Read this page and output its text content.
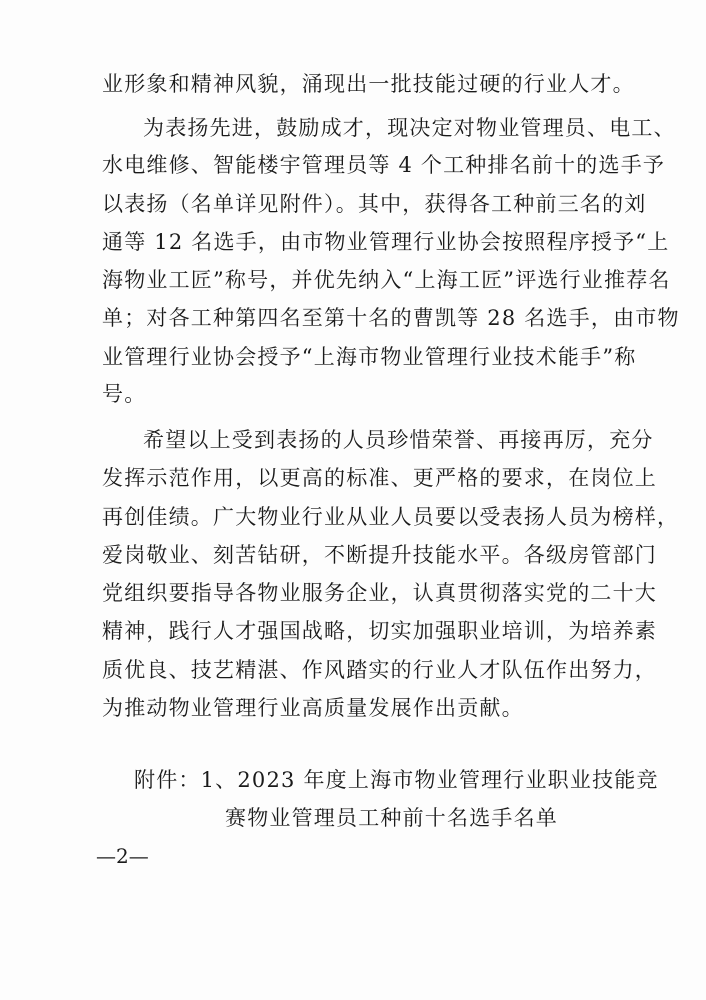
业形象和精神风貌，涌现出一批技能过硬的行业人才。
为表扬先进，鼓励成才，现决定对物业管理员、电工、
水电维修、智能楼宇管理员等 4 个工种排名前十的选手予
以表扬（名单详见附件）。其中，获得各工种前三名的刘
通等 12 名选手，由市物业管理行业协会按照程序授予“上
海物业工匠”称号，并优先纳入“上海工匠”评选行业推荐名
单；对各工种第四名至第十名的曹凯等 28 名选手，由市物
业管理行业协会授予“上海市物业管理行业技术能手”称
号。
希望以上受到表扬的人员珍惜荣誉、再接再厉，充分
发挥示范作用，以更高的标准、更严格的要求，在岗位上
再创佳绩。广大物业行业从业人员要以受表扬人员为榜样，
爱岗敬业、刻苦钻研，不断提升技能水平。各级房管部门
党组织要指导各物业服务企业，认真贯彻落实党的二十大
精神，践行人才强国战略，切实加强职业培训，为培养素
质优良、技艺精湛、作风踏实的行业人才队伍作出努力，
为推动物业管理行业高质量发展作出贡献。
附件：1、2023 年度上海市物业管理行业职业技能竞
赛物业管理员工种前十名选手名单
—2—
